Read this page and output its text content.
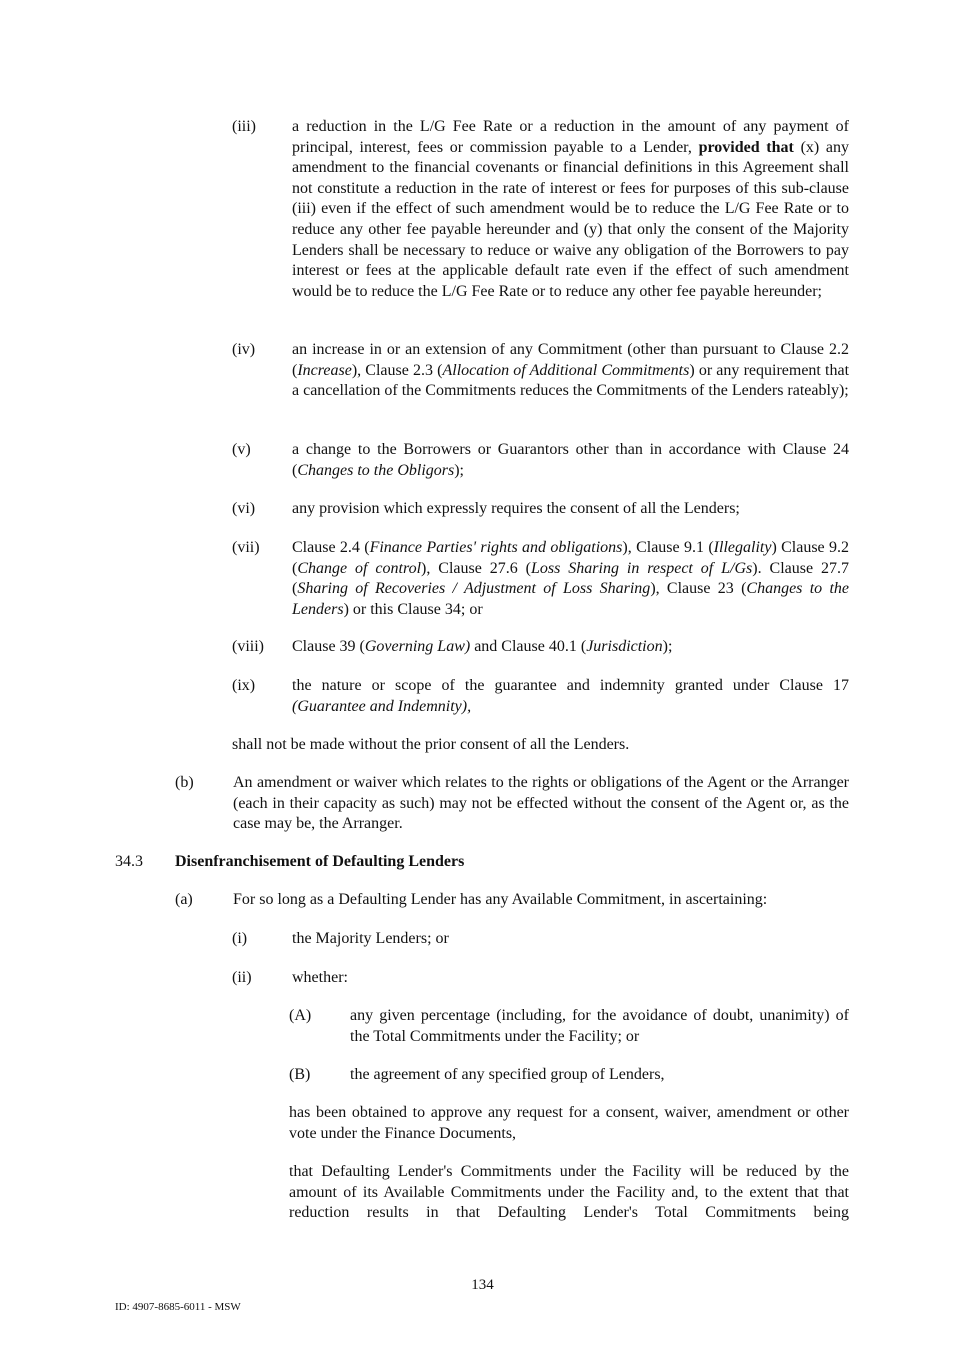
(iii) a reduction in the L/G Fee Rate or a reduction in the amount of any payment of principal, interest, fees or commission payable to a Lender, provided that (x) any amendment to the financial covenants or financial definitions in this Agreement shall not constitute a reduction in the rate of interest or fees for purposes of this sub-clause (iii) even if the effect of such amendment would be to reduce the L/G Fee Rate or to reduce any other fee payable hereunder and (y) that only the consent of the Majority Lenders shall be necessary to reduce or waive any obligation of the Borrowers to pay interest or fees at the applicable default rate even if the effect of such amendment would be to reduce the L/G Fee Rate or to reduce any other fee payable hereunder;
(iv) an increase in or an extension of any Commitment (other than pursuant to Clause 2.2 (Increase), Clause 2.3 (Allocation of Additional Commitments) or any requirement that a cancellation of the Commitments reduces the Commitments of the Lenders rateably);
(v)	a change to the Borrowers or Guarantors other than in accordance with Clause 24 (Changes to the Obligors);
(vi) any provision which expressly requires the consent of all the Lenders;
(vii) Clause 2.4 (Finance Parties' rights and obligations), Clause 9.1 (Illegality) Clause 9.2 (Change of control), Clause 27.6 (Loss Sharing in respect of L/Gs). Clause 27.7 (Sharing of Recoveries / Adjustment of Loss Sharing), Clause 23 (Changes to the Lenders) or this Clause 34; or
(viii) Clause 39 (Governing Law) and Clause 40.1 (Jurisdiction);
(ix) the nature or scope of the guarantee and indemnity granted under Clause 17 (Guarantee and Indemnity),
shall not be made without the prior consent of all the Lenders.
(b) An amendment or waiver which relates to the rights or obligations of the Agent or the Arranger (each in their capacity as such) may not be effected without the consent of the Agent or, as the case may be, the Arranger.
34.3 Disenfranchisement of Defaulting Lenders
(a)	For so long as a Defaulting Lender has any Available Commitment, in ascertaining:
(i)	the Majority Lenders; or
(ii)	whether:
(A) any given percentage (including, for the avoidance of doubt, unanimity) of the Total Commitments under the Facility; or
(B) the agreement of any specified group of Lenders,
has been obtained to approve any request for a consent, waiver, amendment or other vote under the Finance Documents,
that Defaulting Lender's Commitments under the Facility will be reduced by the amount of its Available Commitments under the Facility and, to the extent that that reduction results in that Defaulting Lender's Total Commitments being
134
ID: 4907-8685-6011 - MSW
